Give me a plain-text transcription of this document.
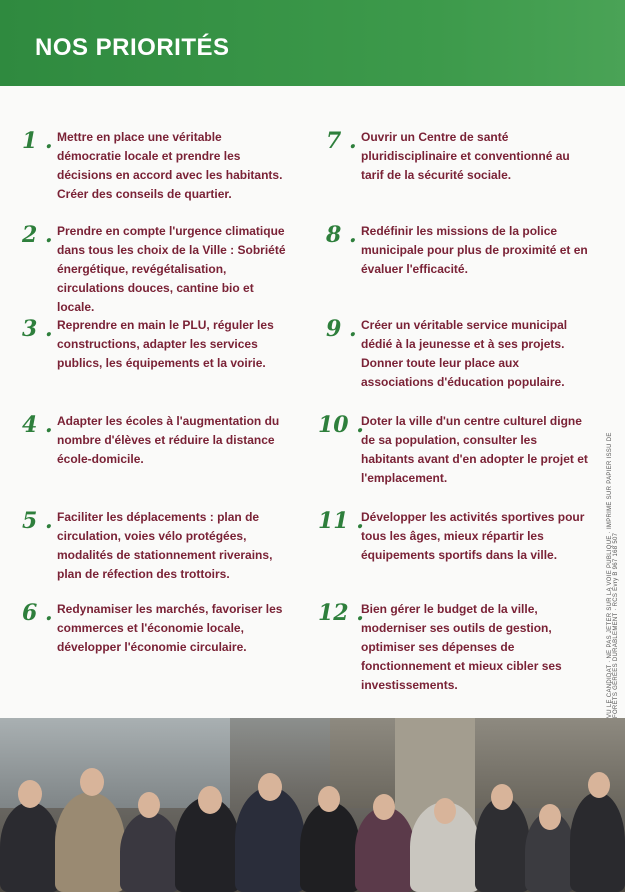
NOS PRIORITÉS

1 . Mettre en place une véritable démocratie locale et prendre les décisions en accord avec les habitants. Créer des conseils de quartier.
2 . Prendre en compte l'urgence climatique dans tous les choix de la Ville : Sobriété énergétique, revégétalisation, circulations douces, cantine bio et locale.
3 . Reprendre en main le PLU, réguler les constructions, adapter les services publics, les équipements et la voirie.
4 . Adapter les écoles à l'augmentation du nombre d'élèves et réduire la distance école-domicile.
5 . Faciliter les déplacements : plan de circulation, voies vélo protégées, modalités de stationnement riverains, plan de réfection des trottoirs.
6 . Redynamiser les marchés, favoriser les commerces et l'économie locale, développer l'économie circulaire.
7 . Ouvrir un Centre de santé pluridisciplinaire et conventionné au tarif de la sécurité sociale.
8 . Redéfinir les missions de la police municipale pour plus de proximité et en évaluer l'efficacité.
9 . Créer un véritable service municipal dédié à la jeunesse et à ses projets. Donner toute leur place aux associations d'éducation populaire.
10 .
Doter la ville d'un centre culturel digne de sa population, consulter les habitants avant d'en adopter le projet et l'emplacement.
11 .
Développer les activités sportives pour tous les âges, mieux répartir les équipements sportifs dans la ville.
12 .
Bien gérer le budget de la ville, moderniser ses outils de gestion, optimiser ses dépenses de fonctionnement et mieux cibler ses investissements.	VU LE CANDIDAT · NE PAS JETER SUR LA VOIE PUBLIQUE · IMPRIMÉ SUR PAPIER ISSU DE FORÊTS GÉRÉES DURABLEMENT · RCS Évry B 967 168 507
